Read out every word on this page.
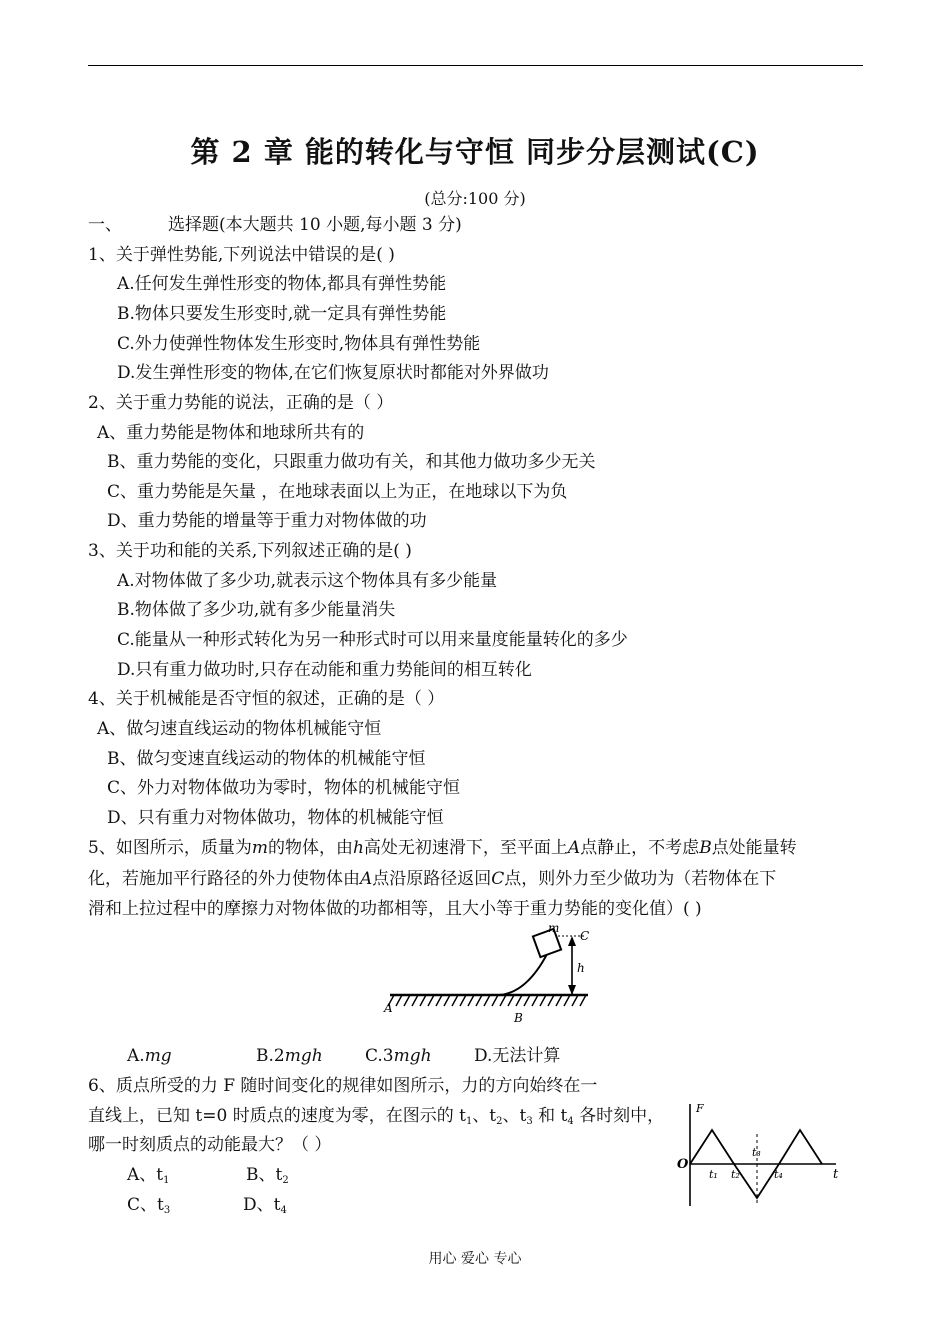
第 2 章 能的转化与守恒 同步分层测试(C)
(总分:100 分)
一、	选择题(本大题共 10 小题,每小题 3 分)
1、关于弹性势能,下列说法中错误的是( )
A.任何发生弹性形变的物体,都具有弹性势能
B.物体只要发生形变时,就一定具有弹性势能
C.外力使弹性物体发生形变时,物体具有弹性势能
D.发生弹性形变的物体,在它们恢复原状时都能对外界做功
2、关于重力势能的说法，正确的是（ ）
A、重力势能是物体和地球所共有的
B、重力势能的变化，只跟重力做功有关，和其他力做功多少无关
C、重力势能是矢量 ，在地球表面以上为正，在地球以下为负
D、重力势能的增量等于重力对物体做的功
3、关于功和能的关系,下列叙述正确的是( )
A.对物体做了多少功,就表示这个物体具有多少能量
B.物体做了多少功,就有多少能量消失
C.能量从一种形式转化为另一种形式时可以用来量度能量转化的多少
D.只有重力做功时,只存在动能和重力势能间的相互转化
4、关于机械能是否守恒的叙述，正确的是（ ）
A、做匀速直线运动的物体机械能守恒
B、做匀变速直线运动的物体的机械能守恒
C、外力对物体做功为零时，物体的机械能守恒
D、只有重力对物体做功，物体的机械能守恒
5、如图所示，质量为m的物体，由h高处无初速滑下，至平面上A点静止，不考虑B点处能量转
化，若施加平行路径的外力使物体由A点沿原路径返回C点，则外力至少做功为（若物体在下
滑和上拉过程中的摩擦力对物体做的功都相等，且大小等于重力势能的变化值）( )
m
C
h
A
B
A.mg	B.2mgh C.3mgh D.无法计算
6、质点所受的力 F 随时间变化的规律如图所示，力的方向始终在一
直线上，已知 t=0 时质点的速度为零，在图示的 $t_1$、$t_2$、$t_3$ 和 $t_4$ 各时刻中，
哪一时刻质点的动能最大？（ ）
A、$t_1$	B、$t_2$
C、$t_3$	D、$t_4$
F
O
t
t₁ t₂
t₃
t₄
用心 爱心 专心
